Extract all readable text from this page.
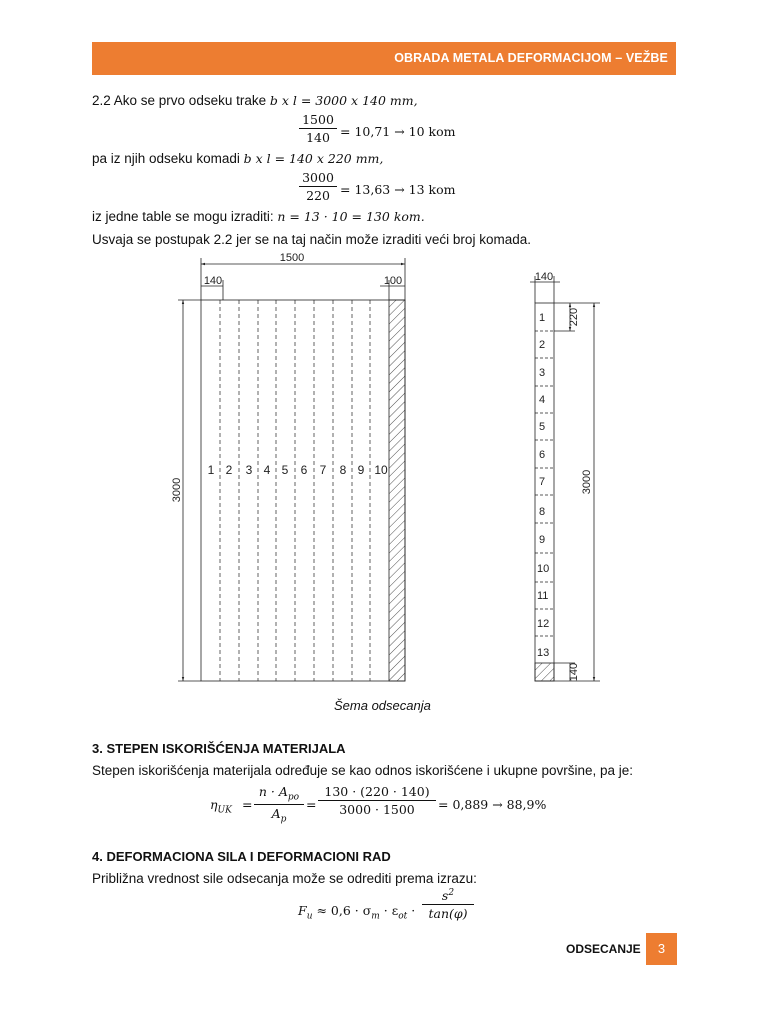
OBRADA METALA DEFORMACIJOM – VEŽBE
2.2 Ako se prvo odseku trake b x l = 3000 x 140 mm,
1500
140 = 10,71 → 10 kom
pa iz njih odseku komadi b x l = 140 x 220 mm,
3000
220 = 13,63 → 13 kom
iz jedne table se mogu izraditi: n = 13 · 10 = 130 kom.
Usvaja se postupak 2.2 jer se na taj način može izraditi veći broj komada.
1500
140	100
3000
1 2 3 4 5 6 7 8 9 10
140
220
3000
140
1
2
3
4
5
6
7
8
9
10
11
12
13
Šema odsecanja
3. STEPEN ISKORIŠĆENJA MATERIJALA
Stepen iskorišćenja materijala određuje se kao odnos iskorišćene i ukupne površine, pa je:
$\eta_{UK}$ =
$n \cdot A_{po}$
$A_p$
=
130 · (220 · 140)
3000 · 1500	= 0,889 → 88,9%
4. DEFORMACIONA SILA I DEFORMACIONI RAD
Približna vrednost sile odsecanja može se odrediti prema izrazu:
$F_u \approx 0,6 \cdot \sigma_m \cdot \varepsilon_{ot}$ ·
$s^2$
tan(φ)
ODSECANJE	3
